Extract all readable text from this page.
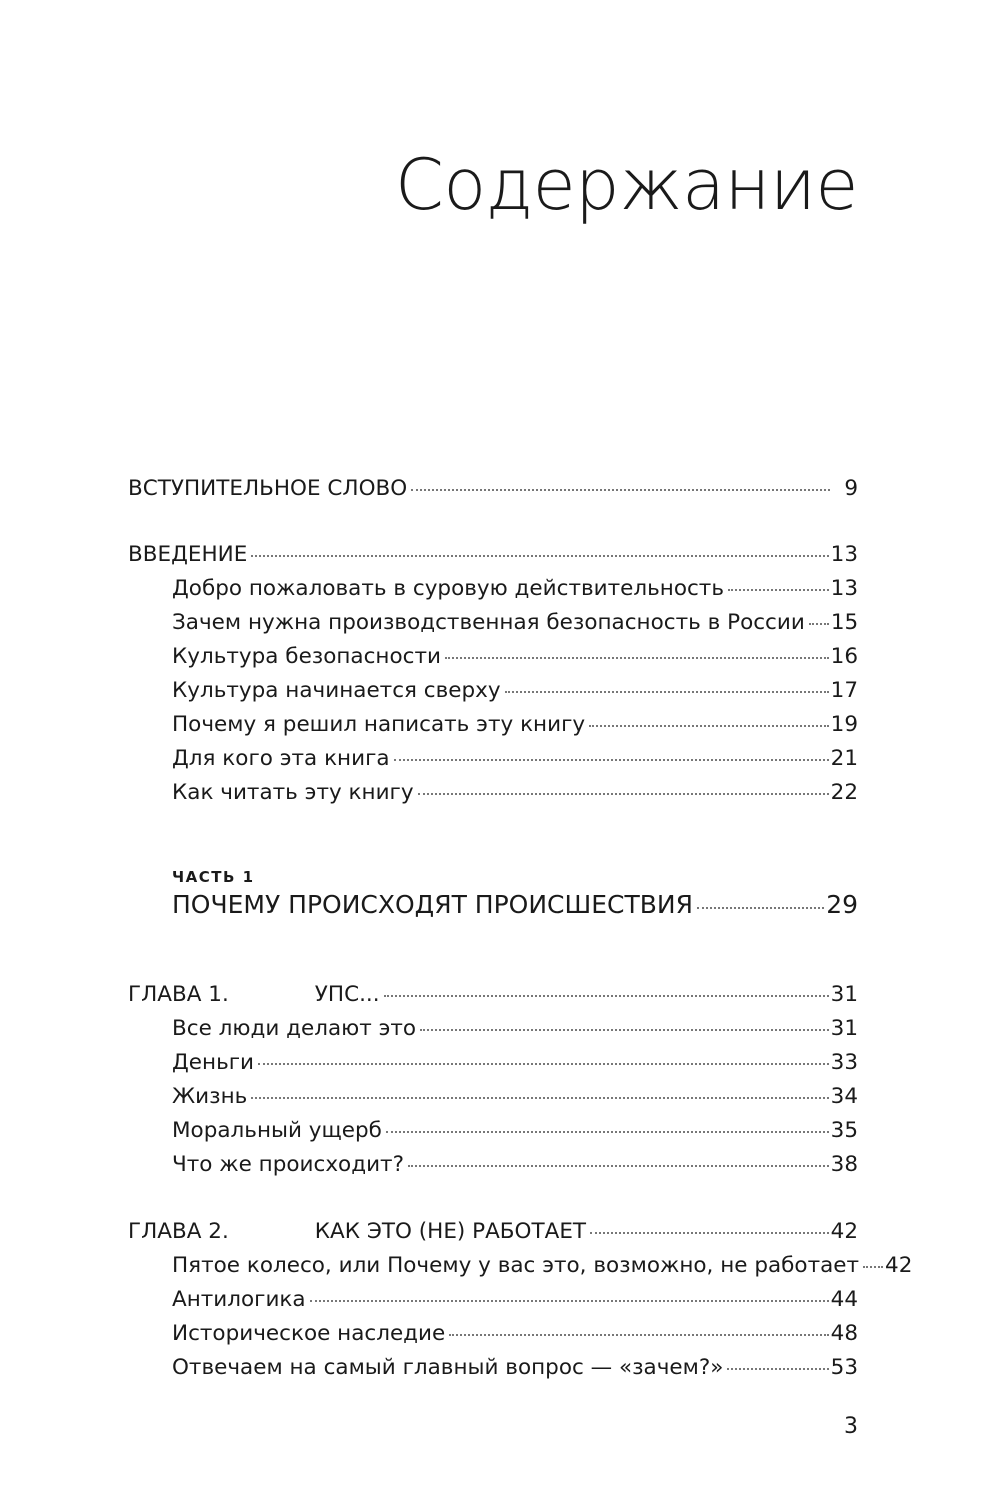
Содержание
ВСТУПИТЕЛЬНОЕ СЛОВО	9
ВВЕДЕНИЕ	13
Добро пожаловать в суровую действительность	13
Зачем нужна производственная безопасность в России 15
Культура безопасности	16
Культура начинается сверху	17
Почему я решил написать эту книгу	19
Для кого эта книга	21
Как читать эту книгу	22
ЧАСТЬ 1
ПОЧЕМУ ПРОИСХОДЯТ ПРОИСШЕСТВИЯ	29
ГЛАВА 1.	УПС...	31
Все люди делают это	31
Деньги	33
Жизнь	34
Моральный ущерб	35
Что же происходит?	38
ГЛАВА 2.	КАК ЭТО (НЕ) РАБОТАЕТ	42
Пятое колесо, или Почему у вас это, возможно, не работает 42
Антилогика	44
Историческое наследие	48
Отвечаем на самый главный вопрос — «зачем?»	53
3
